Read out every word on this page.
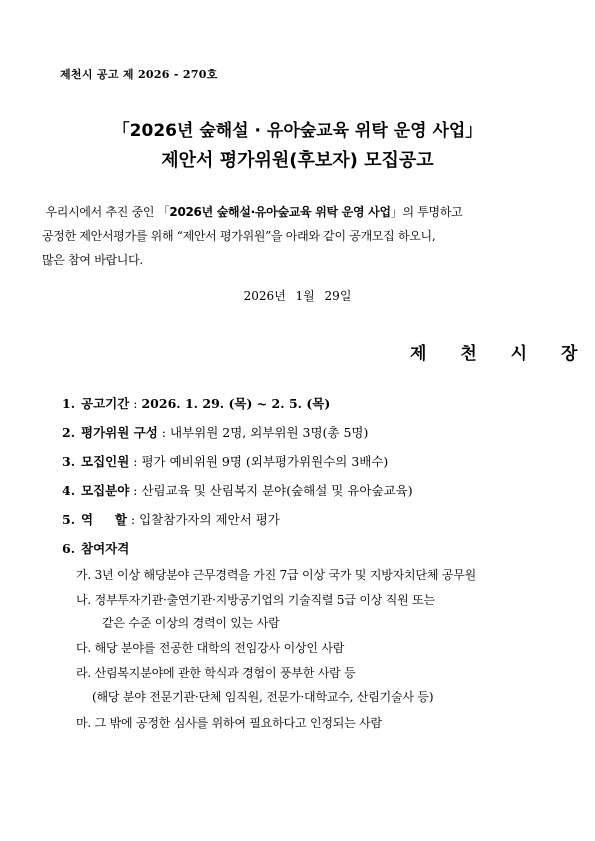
제천시 공고 제 2026 - 270호
「2026년 숲해설 · 유아숲교육 위탁 운영 사업」
제안서 평가위원(후보자) 모집공고
우리시에서 추진 중인 「2026년 숲해설·유아숲교육 위탁 운영 사업」의 투명하고
공정한 제안서평가를 위해 “제안서 평가위원”을 아래와 같이 공개모집 하오니,
많은 참여 바랍니다.
2026년 1월 29일
제 천 시 장
1. 공고기간 : 2026. 1. 29. (목) ~ 2. 5. (목)
2. 평가위원 구성 : 내부위원 2명, 외부위원 3명(총 5명)
3. 모집인원 : 평가 예비위원 9명 (외부평가위원수의 3배수)
4. 모집분야 : 산림교육 및 산림복지 분야(숲해설 및 유아숲교육)
5. 역     할 : 입찰참가자의 제안서 평가
6. 참여자격
가. 3년 이상 해당분야 근무경력을 가진 7급 이상 국가 및 지방자치단체 공무원
나. 정부투자기관·출연기관·지방공기업의 기술직렬 5급 이상 직원 또는
같은 수준 이상의 경력이 있는 사람
다. 해당 분야를 전공한 대학의 전임강사 이상인 사람
라. 산림복지분야에 관한 학식과 경험이 풍부한 사람 등
(해당 분야 전문기관·단체 임직원, 전문가·대학교수, 산림기술사 등)
마. 그 밖에 공정한 심사를 위하여 필요하다고 인정되는 사람
